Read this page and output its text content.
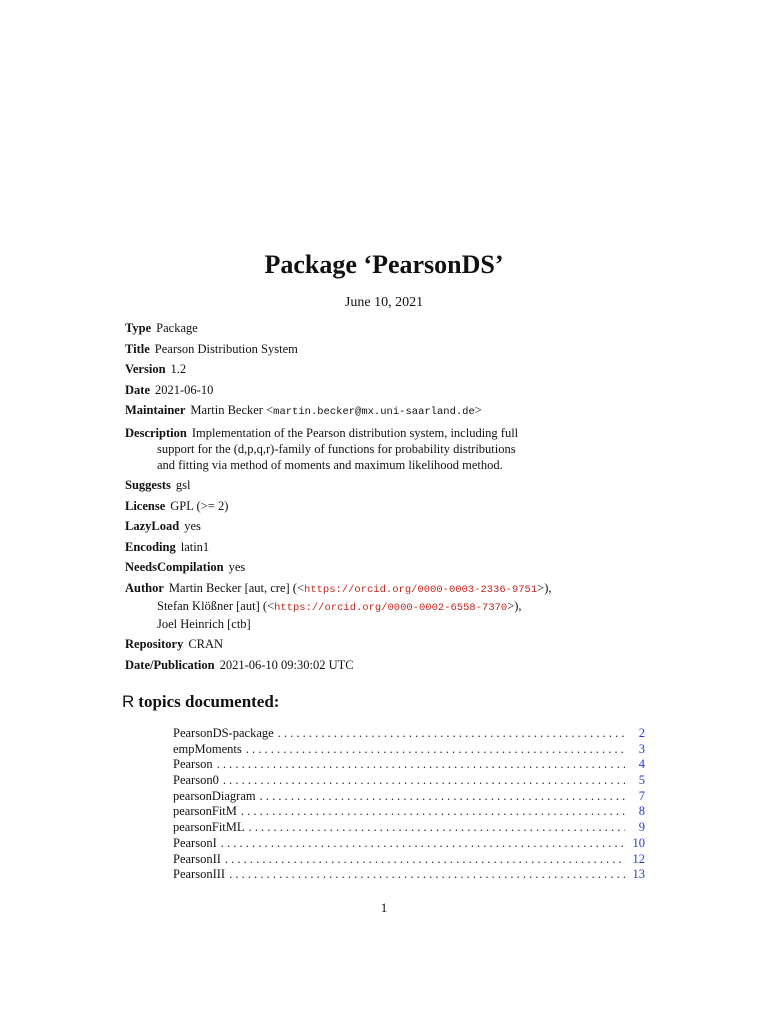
Package ‘PearsonDS’
June 10, 2021
Type Package
Title Pearson Distribution System
Version 1.2
Date 2021-06-10
Maintainer Martin Becker <martin.becker@mx.uni-saarland.de>
Description Implementation of the Pearson distribution system, including full
support for the (d,p,q,r)-family of functions for probability distributions
and fitting via method of moments and maximum likelihood method.
Suggests gsl
License GPL (>= 2)
LazyLoad yes
Encoding latin1
NeedsCompilation yes
Author Martin Becker [aut, cre] (<https://orcid.org/0000-0003-2336-9751>),
Stefan Klößner [aut] (<https://orcid.org/0000-0002-6558-7370>),
Joel Heinrich [ctb]
Repository CRAN
Date/Publication 2021-06-10 09:30:02 UTC
R topics documented:
PearsonDS-package . . .	2
empMoments . . .	3
Pearson . . .	4
Pearson0 . . .	5
pearsonDiagram . . .	7
pearsonFitM . . .	8
pearsonFitML . . .	9
PearsonI . . .	10
PearsonII . . .	12
PearsonIII . . .	13
1
